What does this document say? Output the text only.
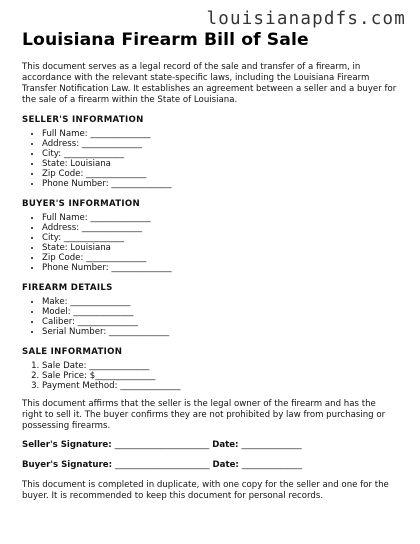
louisianapdfs.com
Louisiana Firearm Bill of Sale

This document serves as a legal record of the sale and transfer of a firearm, in accordance with the relevant state-specific laws, including the Louisiana Firearm Transfer Notification Law. It establishes an agreement between a seller and a buyer for the sale of a firearm within the State of Louisiana.

SELLER'S INFORMATION
• Full Name: ______________
• Address: ______________
• City: ______________
• State: Louisiana
• Zip Code: ______________
• Phone Number: ______________
BUYER'S INFORMATION
• Full Name: ______________
• Address: ______________
• City: ______________
• State: Louisiana
• Zip Code: ______________
• Phone Number: ______________
FIREARM DETAILS
• Make: ______________
• Model: ______________
• Caliber: ______________
• Serial Number: ______________
SALE INFORMATION
1. Sale Date: ______________
2. Sale Price: $______________
3. Payment Method: ______________

This document affirms that the seller is the legal owner of the firearm and has the right to sell it. The buyer confirms they are not prohibited by law from purchasing or possessing firearms.

Seller's Signature: ______________________ Date: ______________
Buyer's Signature: ______________________ Date: ______________

This document is completed in duplicate, with one copy for the seller and one for the buyer. It is recommended to keep this document for personal records.
